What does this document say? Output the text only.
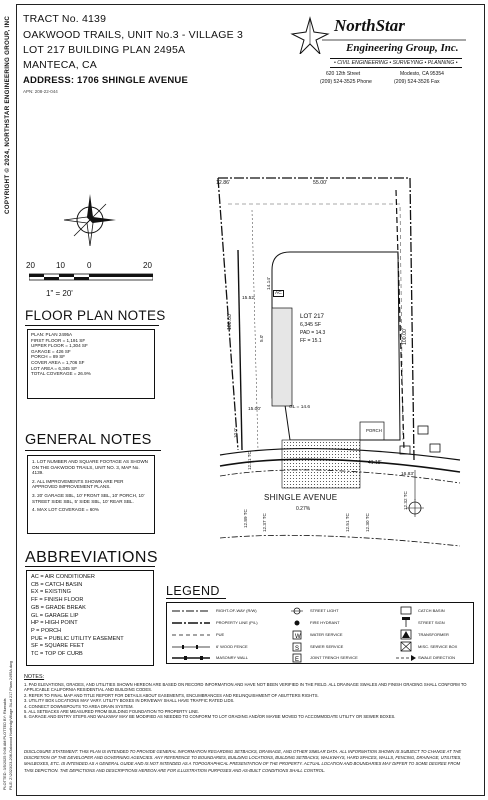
COPYRIGHT © 2024, NORTHSTAR ENGINEERING GROUP, INC
PLOTTED: 3/5/2025 9:08 AM PLOTTED BY: Rlumakis FILE: Z:\2023\23-208-Oakwood Northrdg\Village 3\Lot 217 Plans 2495A.dwg
TRACT No. 4139
OAKWOOD TRAILS, UNIT No.3 - VILLAGE 3
LOT 217 BUILDING PLAN 2495A
MANTECA, CA
ADDRESS: 1706 SHINGLE AVENUE
APN: 208-22-044
NorthStar
Engineering Group, Inc.
• CIVIL ENGINEERING • SURVEYING • PLANNING •
620 12th Street	Modesto, CA 95354
(209) 524-3525 Phone	(209) 524-3526 Fax
20	10	0	20
1" = 20'
FLOOR PLAN NOTES
PLAN: PLAN 2495A
FIRST FLOOR = 1,191 SF
UPPER FLOOR = 1,304 SF
GARAGE = 426 SF
PORCH = 89 SF
COVER AREA = 1,706 SF
LOT AREA = 6,345 SF
TOTAL COVERAGE = 26.9%
GENERAL NOTES
1. LOT NUMBER AND SQUARE FOOTAGE AS SHOWN ON THE OAKWOOD TRAILS, UNIT NO. 3, MAP No. 4139.
2. ALL IMPROVEMENTS SHOWN ARE PER APPROVED IMPROVEMENT PLANS.
3. 20' GARAGE SBL, 10' FRONT SBL, 10' PORCH, 10' STREET SIDE SBL, 5' SIDE SBL, 10' REAR SBL.
4. MAX LOT COVERAGE = 60%
ABBREVIATIONS
AC = AIR CONDITIONER
CB = CATCH BASIN
EX = EXISTING
FF = FINISH FLOOR
GB = GRADE BREAK
GL = GARAGE LIP
HP = HIGH POINT
P = PORCH
PUE = PUBLIC UTILITY EASEMENT
SF = SQUARE FEET
TC = TOP OF CURB
LEGEND
W
S
E
RIGHT-OF-WAY (R/W)
PROPERTY LINE (P/L)
PUE
6' WOOD FENCE
MASONRY WALL
STREET LIGHT
FIRE HYDRANT
WATER SERVICE
SEWER SERVICE
JOINT TRENCH SERVICE
CATCH BASIN
STREET SIGN
TRANSFORMER
MISC. SERVICE BOX
SWALE DIRECTION
LOT 217
6,345 SF
PAD = 14.3
FF = 15.1
12.86'	55.00'
100.00'
100.00'
14.14'
15.52'
15.00'	GL = 14.6
PORCH
AC
41.18'
16.83'
SHINGLE AVENUE
0.27%
12.89 TC	12.37 TC	12.51 TC	12.30 TC
12.31 TC
12.32 TC
5.0'
10.0'
NOTES:
1. PAD ELEVATIONS, GRADES, AND UTILITIES SHOWN HEREON ARE BASED ON RECORD INFORMATION AND HAVE NOT BEEN VERIFIED IN THE FIELD. ALL DRAINAGE SWALES AND FINISH GRADING SHALL CONFORM TO APPLICABLE CALIFORNIA RESIDENTIAL AND BUILDING CODES.
2. REFER TO FINAL MAP AND TITLE REPORT FOR DETAILS ABOUT EASEMENTS, ENCUMBRANCES AND RELINQUISHMENT OF ABUTTERS RIGHTS.
3. UTILITY BOX LOCATIONS MAY VARY. UTILITY BOXES IN DRIVEWAY SHALL HAVE TRAFFIC RATED LIDS.
4. CONNECT DOWNSPOUTS TO AREA DRAIN SYSTEM.
5. ALL SETBACKS ARE MEASURED FROM BUILDING FOUNDATION TO PROPERTY LINE.
6. GARAGE AND ENTRY STEPS AND WALKWAY MAY BE MODIFIED AS NEEDED TO CONFORM TO LOT GRADING AND/OR MAYBE MOVED TO ACCOMMODATE UTILITY OR SEWER BOXES.
DISCLOSURE STATEMENT: THIS PLAN IS INTENDED TO PROVIDE GENERAL INFORMATION REGARDING SETBACKS, DRAINAGE, AND OTHER SIMILAR DATA. ALL INFORMATION SHOWN IS SUBJECT TO CHANGE AT THE DISCRETION OF THE DEVELOPER AND GOVERNING AGENCIES. ANY REFERENCE TO BOUNDARIES, BUILDING LOCATIONS, BUILDING SETBACKS, WALKWAYS, HARD SPACES, WALLS, FENCING, DRAINAGE, UTILITIES, MAILBOXES, ETC. IS INTENDED AS A GENERAL GUIDE AND IS NOT INTENDED AS A TOPOGRAPHICAL PRESENTATION OF THE PROPERTY. ACTUAL LOCATION AND BOUNDARIES MAY DIFFER TO SOME DEGREE FROM THIS DEPICTION. THE DEPICTIONS AND DESCRIPTIONS HEREON ARE FOR ILLUSTRATION PURPOSES AND AS-BUILT CONDITIONS SHALL CONTROL.
